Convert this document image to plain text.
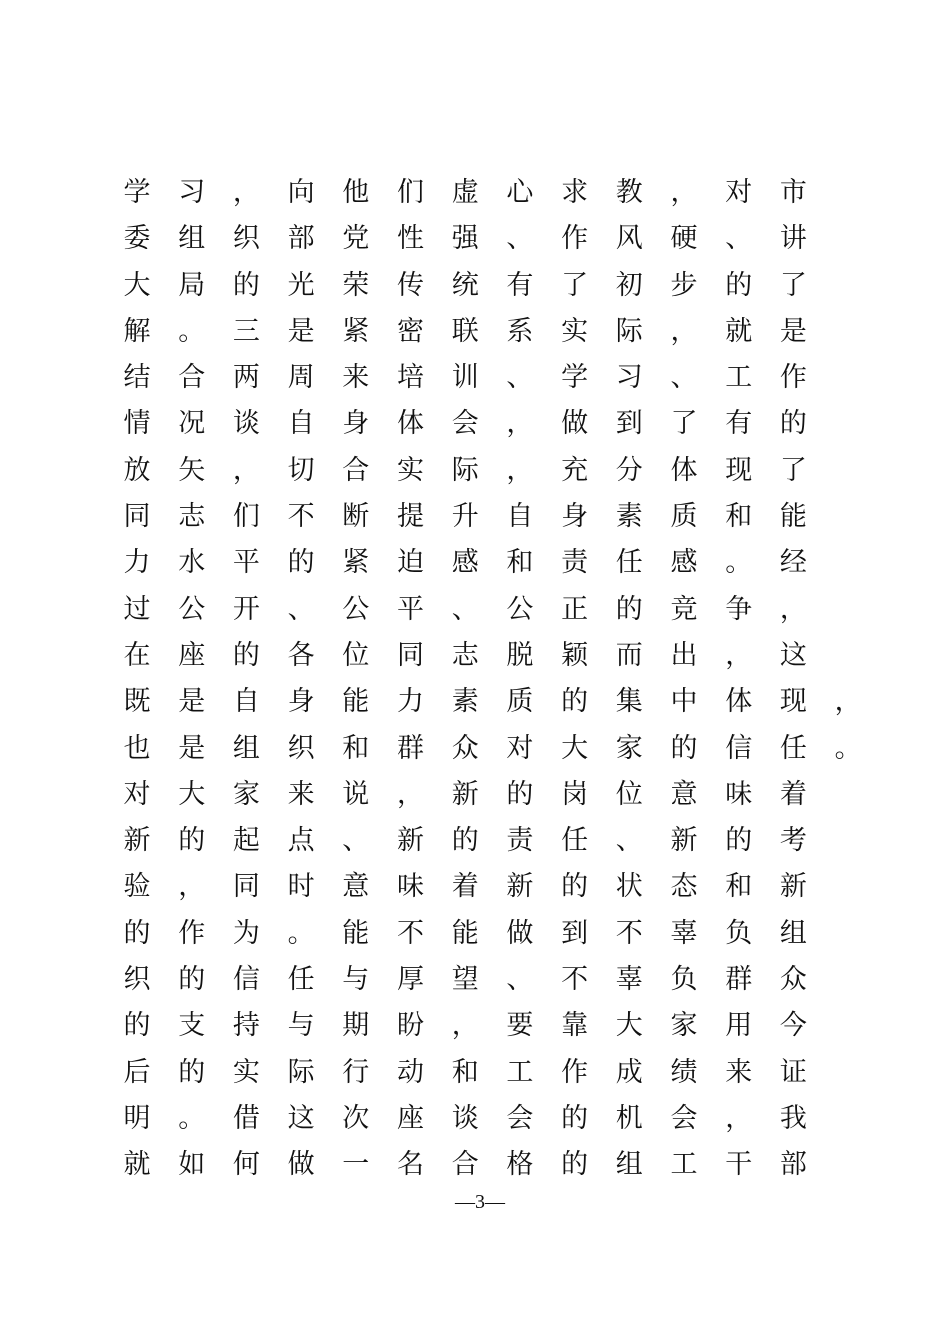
学	习	，	向	他	们	虚	心	求	教	，	对	市
委	组	织	部	党	性	强	、	作	风	硬	、	讲
大	局	的	光	荣	传	统	有	了	初	步	的	了
解	。	三	是	紧	密	联	系	实	际	，	就	是
结	合	两	周	来	培	训	、	学	习	、	工	作
情	况	谈	自	身	体	会	，	做	到	了	有	的
放	矢	，	切	合	实	际	，	充	分	体	现	了
同	志	们	不	断	提	升	自	身	素	质	和	能
力	水	平	的	紧	迫	感	和	责	任	感	。	经
过	公	开	、	公	平	、	公	正	的	竞	争	，
在	座	的	各	位	同	志	脱	颖	而	出	，	这
既	是	自	身	能	力	素	质	的	集	中	体	现	，
也	是	组	织	和	群	众	对	大	家	的	信	任	。
对	大	家	来	说	，	新	的	岗	位	意	味	着
新	的	起	点	、	新	的	责	任	、	新	的	考
验	，	同	时	意	味	着	新	的	状	态	和	新
的	作	为	。	能	不	能	做	到	不	辜	负	组
织	的	信	任	与	厚	望	、	不	辜	负	群	众
的	支	持	与	期	盼	，	要	靠	大	家	用	今
后	的	实	际	行	动	和	工	作	成	绩	来	证
明	。	借	这	次	座	谈	会	的	机	会	，	我
就	如	何	做	一	名	合	格	的	组	工	干	部
—3—
